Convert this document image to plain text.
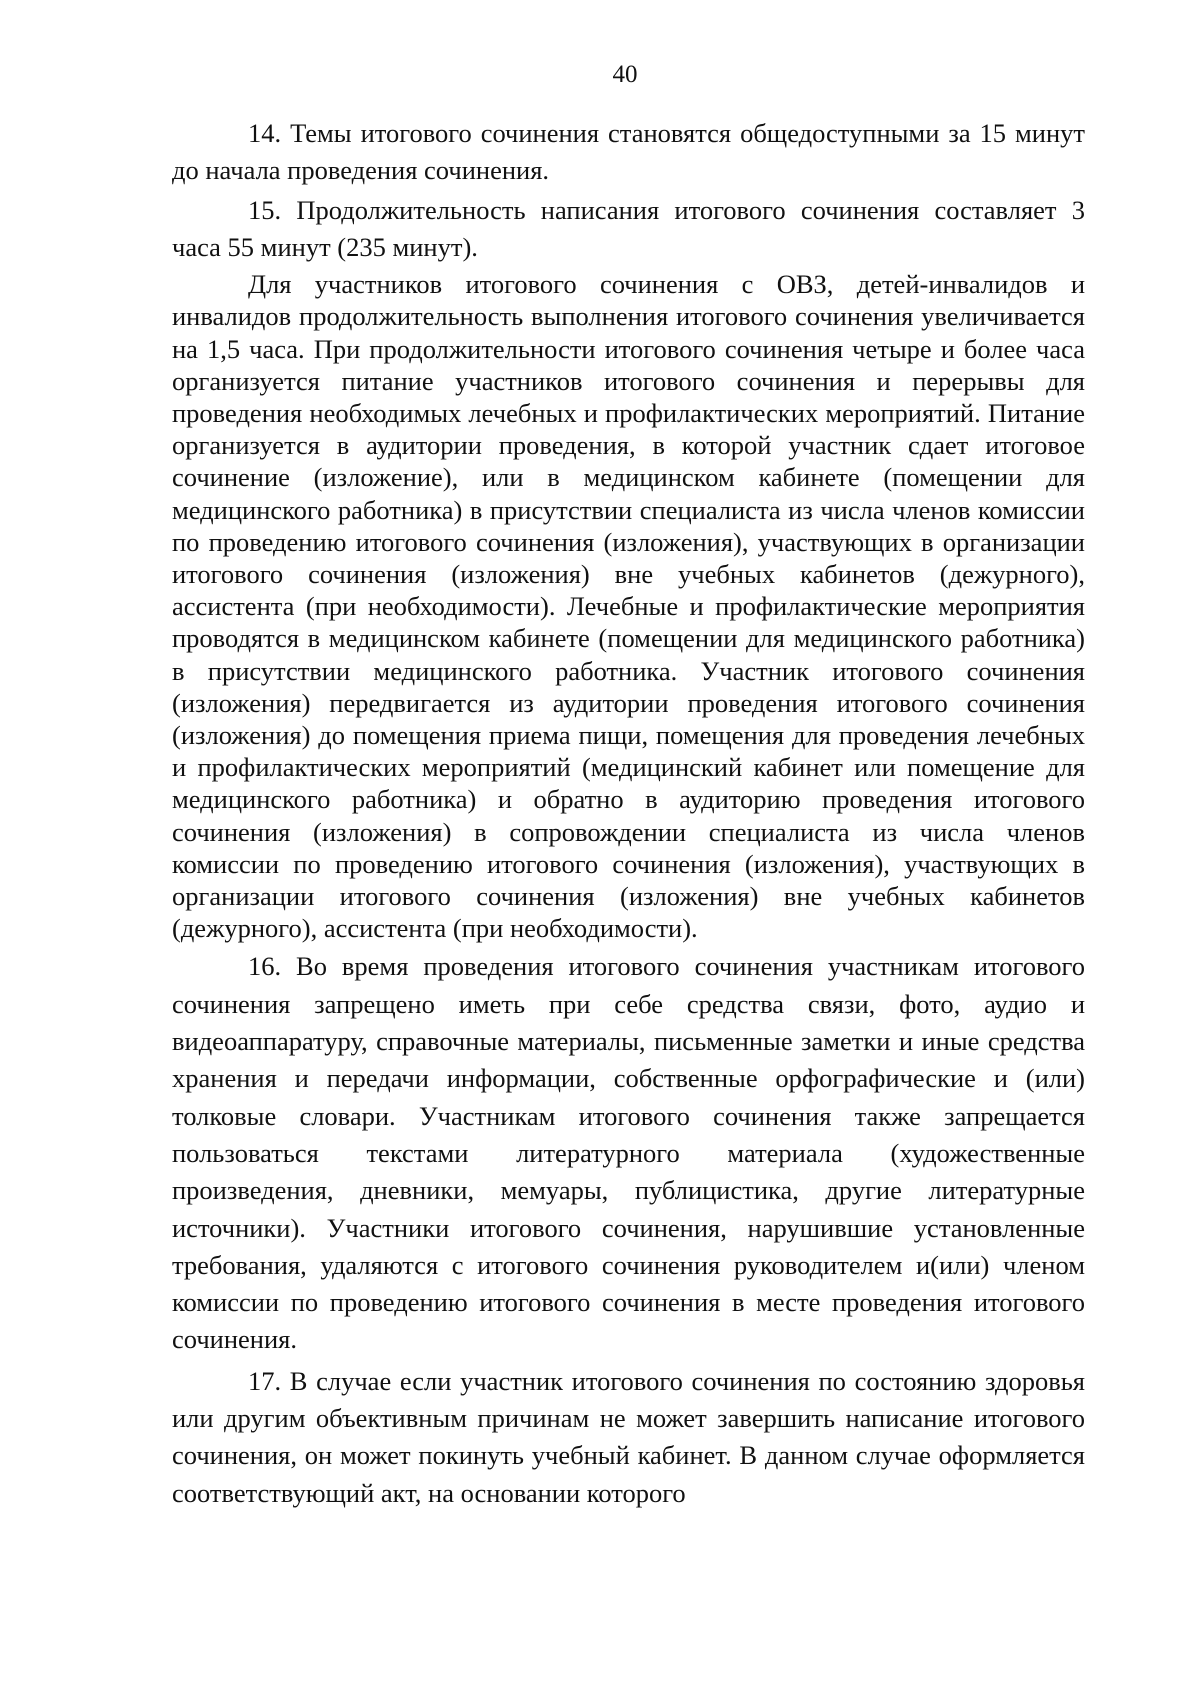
40

14. Темы итогового сочинения становятся общедоступными за 15 минут до начала проведения сочинения.

15. Продолжительность написания итогового сочинения составляет 3 часа 55 минут (235 минут).

Для участников итогового сочинения с ОВЗ, детей-инвалидов и инвалидов продолжительность выполнения итогового сочинения увеличивается на 1,5 часа. При продолжительности итогового сочинения четыре и более часа организуется питание участников итогового сочинения и перерывы для проведения необходимых лечебных и профилактических мероприятий. Питание организуется в аудитории проведения, в которой участник сдает итоговое сочинение (изложение), или в медицинском кабинете (помещении для медицинского работника) в присутствии специалиста из числа членов комиссии по проведению итогового сочинения (изложения), участвующих в организации итогового сочинения (изложения) вне учебных кабинетов (дежурного), ассистента (при необходимости). Лечебные и профилактические мероприятия проводятся в медицинском кабинете (помещении для медицинского работника) в присутствии медицинского работника. Участник итогового сочинения (изложения) передвигается из аудитории проведения итогового сочинения (изложения) до помещения приема пищи, помещения для проведения лечебных и профилактических мероприятий (медицинский кабинет или помещение для медицинского работника) и обратно в аудиторию проведения итогового сочинения (изложения) в сопровождении специалиста из числа членов комиссии по проведению итогового сочинения (изложения), участвующих в организации итогового сочинения (изложения) вне учебных кабинетов (дежурного), ассистента (при необходимости).

16. Во время проведения итогового сочинения участникам итогового сочинения запрещено иметь при себе средства связи, фото, аудио и видеоаппаратуру, справочные материалы, письменные заметки и иные средства хранения и передачи информации, собственные орфографические и (или) толковые словари. Участникам итогового сочинения также запрещается пользоваться текстами литературного материала (художественные произведения, дневники, мемуары, публицистика, другие литературные источники). Участники итогового сочинения, нарушившие установленные требования, удаляются с итогового сочинения руководителем и(или) членом комиссии по проведению итогового сочинения в месте проведения итогового сочинения.

17. В случае если участник итогового сочинения по состоянию здоровья или другим объективным причинам не может завершить написание итогового сочинения, он может покинуть учебный кабинет. В данном случае оформляется соответствующий акт, на основании которого
